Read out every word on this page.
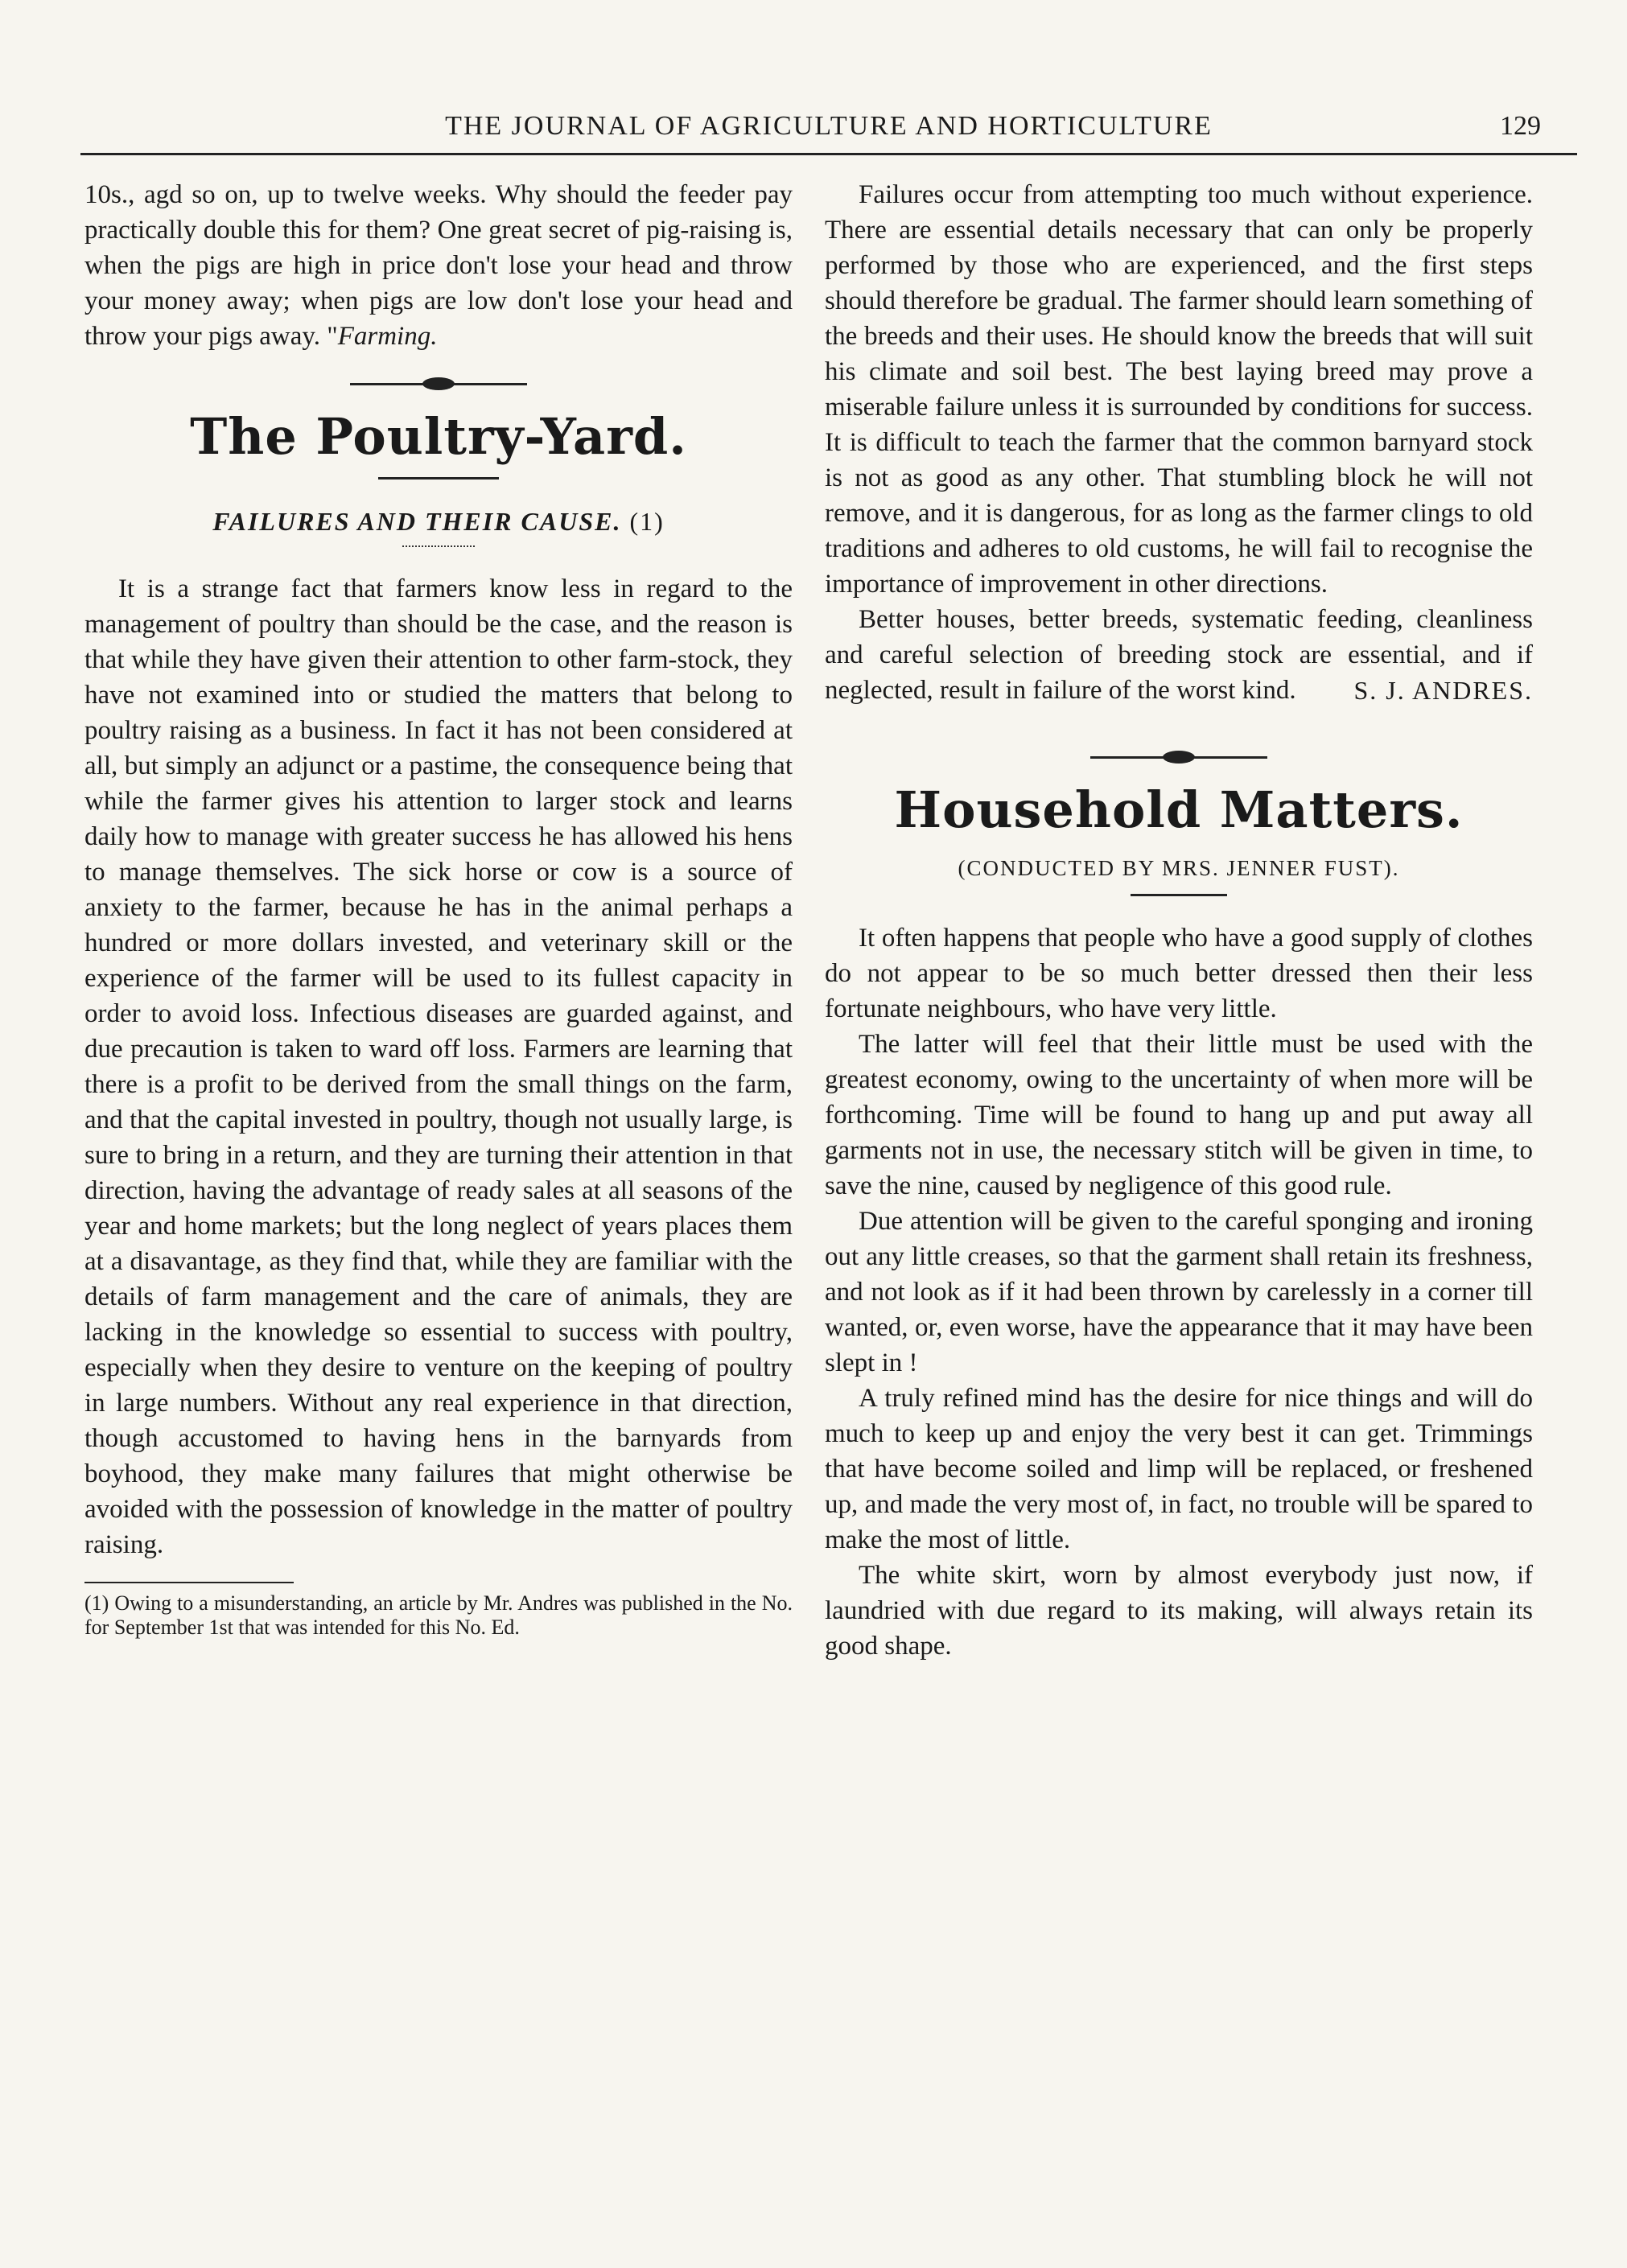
THE JOURNAL OF AGRICULTURE AND HORTICULTURE	129

10s., agd so on, up to twelve weeks. Why should the feeder pay practically double this for them? One great secret of pig-raising is, when the pigs are high in price don't lose your head and throw your money away; when pigs are low don't lose your head and throw your pigs away. "Farming.

The Poultry-Yard.
FAILURES AND THEIR CAUSE. (1)

It is a strange fact that farmers know less in regard to the management of poultry than should be the case, and the reason is that while they have given their attention to other farm-stock, they have not examined into or studied the matters that belong to poultry raising as a business. In fact it has not been considered at all, but simply an adjunct or a pastime, the consequence being that while the farmer gives his attention to larger stock and learns daily how to manage with greater success he has allowed his hens to manage themselves. The sick horse or cow is a source of anxiety to the farmer, because he has in the animal perhaps a hundred or more dollars invested, and veterinary skill or the experience of the farmer will be used to its fullest capacity in order to avoid loss. Infectious diseases are guarded against, and due precaution is taken to ward off loss. Farmers are learning that there is a profit to be derived from the small things on the farm, and that the capital invested in poultry, though not usually large, is sure to bring in a return, and they are turning their attention in that direction, having the advantage of ready sales at all seasons of the year and home markets; but the long neglect of years places them at a disavantage, as they find that, while they are familiar with the details of farm management and the care of animals, they are lacking in the knowledge so essential to success with poultry, especially when they desire to venture on the keeping of poultry in large numbers. Without any real experience in that direction, though accustomed to having hens in the barnyards from boyhood, they make many failures that might otherwise be avoided with the possession of knowledge in the matter of poultry raising.

(1) Owing to a misunderstanding, an article by Mr. Andres was published in the No. for September 1st that was intended for this No. Ed.

Failures occur from attempting too much without experience. There are essential details necessary that can only be properly performed by those who are experienced, and the first steps should therefore be gradual. The farmer should learn something of the breeds and their uses. He should know the breeds that will suit his climate and soil best. The best laying breed may prove a miserable failure unless it is surrounded by conditions for success. It is difficult to teach the farmer that the common barnyard stock is not as good as any other. That stumbling block he will not remove, and it is dangerous, for as long as the farmer clings to old traditions and adheres to old customs, he will fail to recognise the importance of improvement in other directions.

Better houses, better breeds, systematic feeding, cleanliness and careful selection of breeding stock are essential, and if neglected, result in failure of the worst kind.	S. J. ANDRES.
Household Matters.
(CONDUCTED BY MRS. JENNER FUST).

It often happens that people who have a good supply of clothes do not appear to be so much better dressed then their less fortunate neighbours, who have very little.

The latter will feel that their little must be used with the greatest economy, owing to the uncertainty of when more will be forthcoming. Time will be found to hang up and put away all garments not in use, the necessary stitch will be given in time, to save the nine, caused by negligence of this good rule.

Due attention will be given to the careful sponging and ironing out any little creases, so that the garment shall retain its freshness, and not look as if it had been thrown by carelessly in a corner till wanted, or, even worse, have the appearance that it may have been slept in !

A truly refined mind has the desire for nice things and will do much to keep up and enjoy the very best it can get. Trimmings that have become soiled and limp will be replaced, or freshened up, and made the very most of, in fact, no trouble will be spared to make the most of little.

The white skirt, worn by almost everybody just now, if laundried with due regard to its making, will always retain its good shape.
